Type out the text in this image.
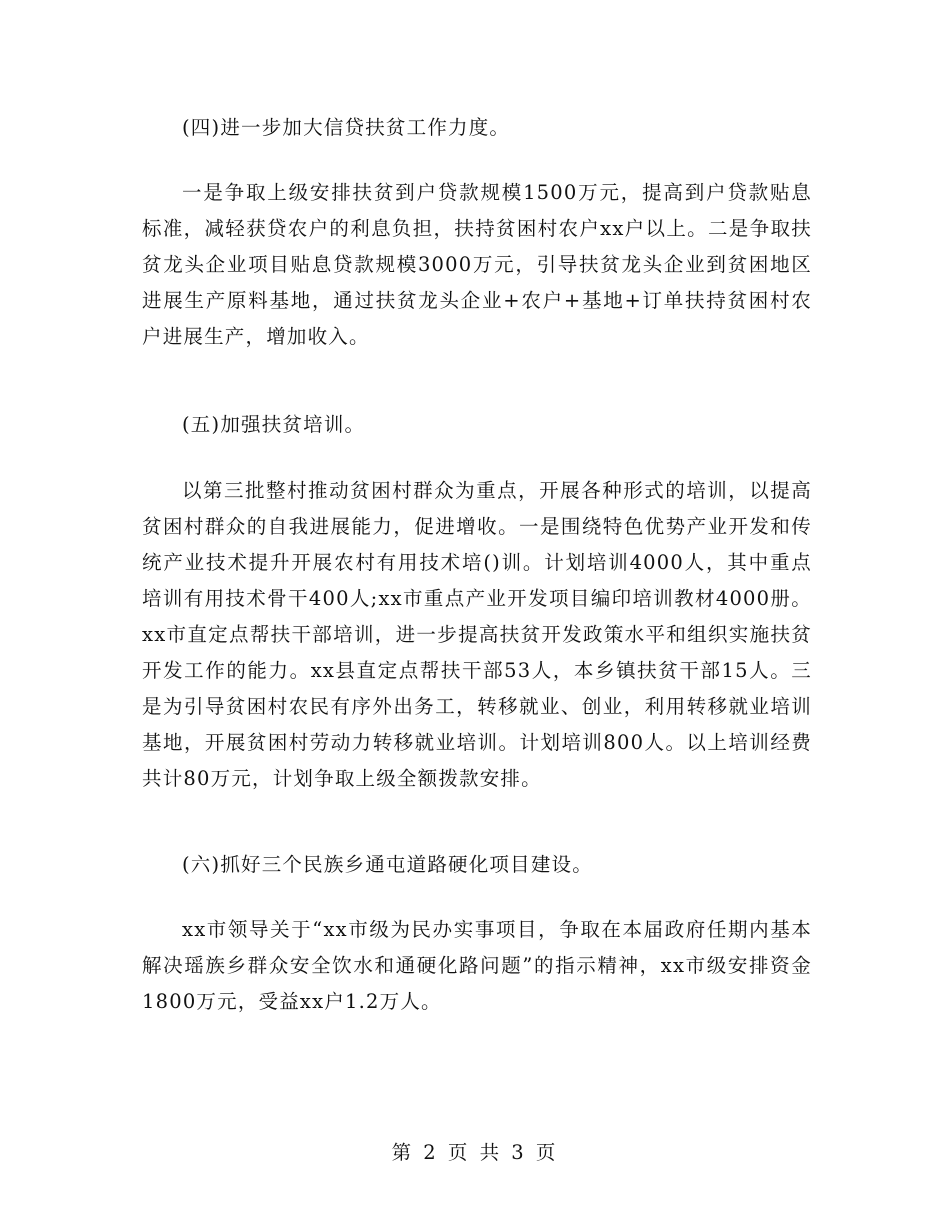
(四)进一步加大信贷扶贫工作力度。

一是争取上级安排扶贫到户贷款规模1500万元，提高到户贷款贴息标准，减轻获贷农户的利息负担，扶持贫困村农户xx户以上。二是争取扶贫龙头企业项目贴息贷款规模3000万元，引导扶贫龙头企业到贫困地区进展生产原料基地，通过扶贫龙头企业+农户+基地+订单扶持贫困村农户进展生产，增加收入。

(五)加强扶贫培训。

以第三批整村推动贫困村群众为重点，开展各种形式的培训，以提高贫困村群众的自我进展能力，促进增收。一是围绕特色优势产业开发和传统产业技术提升开展农村有用技术培()训。计划培训4000人，其中重点培训有用技术骨干400人;xx市重点产业开发项目编印培训教材4000册。xx市直定点帮扶干部培训，进一步提高扶贫开发政策水平和组织实施扶贫开发工作的能力。xx县直定点帮扶干部53人，本乡镇扶贫干部15人。三是为引导贫困村农民有序外出务工，转移就业、创业，利用转移就业培训基地，开展贫困村劳动力转移就业培训。计划培训800人。以上培训经费共计80万元，计划争取上级全额拨款安排。

(六)抓好三个民族乡通屯道路硬化项目建设。

xx市领导关于“xx市级为民办实事项目，争取在本届政府任期内基本解决瑶族乡群众安全饮水和通硬化路问题”的指示精神，xx市级安排资金1800万元，受益xx户1.2万人。

第 2 页 共 3 页
